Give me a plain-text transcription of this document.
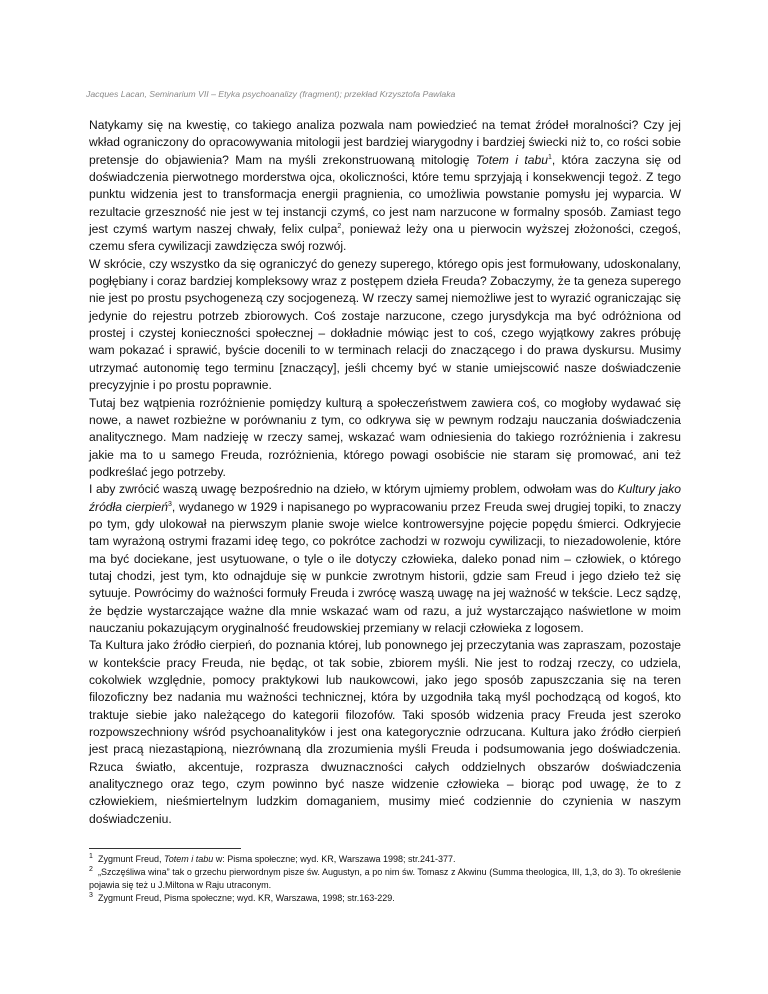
Jacques Lacan, Seminarium VII – Etyka psychoanalizy (fragment); przekład Krzysztofa Pawlaka

Natykamy się na kwestię, co takiego analiza pozwala nam powiedzieć na temat źródeł moralności? Czy jej wkład ograniczony do opracowywania mitologii jest bardziej wiarygodny i bardziej świecki niż to, co rości sobie pretensje do objawienia? Mam na myśli zrekonstruowaną mitologię Totem i tabu$^1$, która zaczyna się od doświadczenia pierwotnego morderstwa ojca, okoliczności, które temu sprzyjają i konsekwencji tegoż. Z tego punktu widzenia jest to transformacja energii pragnienia, co umożliwia powstanie pomysłu jej wyparcia. W rezultacie grzeszność nie jest w tej instancji czymś, co jest nam narzucone w formalny sposób. Zamiast tego jest czymś wartym naszej chwały, felix culpa$^2$, ponieważ leży ona u pierwocin wyższej złożoności, czegoś, czemu sfera cywilizacji zawdzięcza swój rozwój.

W skrócie, czy wszystko da się ograniczyć do genezy superego, którego opis jest formułowany, udoskonalany, pogłębiany i coraz bardziej kompleksowy wraz z postępem dzieła Freuda? Zobaczymy, że ta geneza superego nie jest po prostu psychogenezą czy socjogenezą. W rzeczy samej niemożliwe jest to wyrazić ograniczając się jedynie do rejestru potrzeb zbiorowych. Coś zostaje narzucone, czego jurysdykcja ma być odróżniona od prostej i czystej konieczności społecznej – dokładnie mówiąc jest to coś, czego wyjątkowy zakres próbuję wam pokazać i sprawić, byście docenili to w terminach relacji do znaczącego i do prawa dyskursu. Musimy utrzymać autonomię tego terminu [znaczący], jeśli chcemy być w stanie umiejscowić nasze doświadczenie precyzyjnie i po prostu poprawnie.

Tutaj bez wątpienia rozróżnienie pomiędzy kulturą a społeczeństwem zawiera coś, co mogłoby wydawać się nowe, a nawet rozbieżne w porównaniu z tym, co odkrywa się w pewnym rodzaju nauczania doświadczenia analitycznego. Mam nadzieję w rzeczy samej, wskazać wam odniesienia do takiego rozróżnienia i zakresu jakie ma to u samego Freuda, rozróżnienia, którego powagi osobiście nie staram się promować, ani też podkreślać jego potrzeby.

I aby zwrócić waszą uwagę bezpośrednio na dzieło, w którym ujmiemy problem, odwołam was do Kultury jako źródła cierpień$^3$, wydanego w 1929 i napisanego po wypracowaniu przez Freuda swej drugiej topiki, to znaczy po tym, gdy ulokował na pierwszym planie swoje wielce kontrowersyjne pojęcie popędu śmierci. Odkryjecie tam wyrażoną ostrymi frazami ideę tego, co pokrótce zachodzi w rozwoju cywilizacji, to niezadowolenie, które ma być dociekane, jest usytuowane, o tyle o ile dotyczy człowieka, daleko ponad nim – człowiek, o którego tutaj chodzi, jest tym, kto odnajduje się w punkcie zwrotnym historii, gdzie sam Freud i jego dzieło też się sytuuje. Powrócimy do ważności formuły Freuda i zwrócę waszą uwagę na jej ważność w tekście. Lecz sądzę, że będzie wystarczające ważne dla mnie wskazać wam od razu, a już wystarczająco naświetlone w moim nauczaniu pokazującym oryginalność freudowskiej przemiany w relacji człowieka z logosem.

Ta Kultura jako źródło cierpień, do poznania której, lub ponownego jej przeczytania was zapraszam, pozostaje w kontekście pracy Freuda, nie będąc, ot tak sobie, zbiorem myśli. Nie jest to rodzaj rzeczy, co udziela, cokolwiek względnie, pomocy praktykowi lub naukowcowi, jako jego sposób zapuszczania się na teren filozoficzny bez nadania mu ważności technicznej, która by uzgodniła taką myśl pochodzącą od kogoś, kto traktuje siebie jako należącego do kategorii filozofów. Taki sposób widzenia pracy Freuda jest szeroko rozpowszechniony wśród psychoanalityków i jest ona kategorycznie odrzucana. Kultura jako źródło cierpień jest pracą niezastąpioną, niezrównaną dla zrozumienia myśli Freuda i podsumowania jego doświadczenia. Rzuca światło, akcentuje, rozprasza dwuznaczności całych oddzielnych obszarów doświadczenia analitycznego oraz tego, czym powinno być nasze widzenie człowieka – biorąc pod uwagę, że to z człowiekiem, nieśmiertelnym ludzkim domaganiem, musimy mieć codziennie do czynienia w naszym doświadczeniu.

$^1$ Zygmunt Freud, Totem i tabu w: Pisma społeczne; wyd. KR, Warszawa 1998; str.241-377.

$^2$ „Szczęśliwa wina” tak o grzechu pierwordnym pisze św. Augustyn, a po nim św. Tomasz z Akwinu (Summa theologica, III, 1,3, do 3). To określenie pojawia się też u J.Miltona w Raju utraconym.

$^3$ Zygmunt Freud, Pisma społeczne; wyd. KR, Warszawa, 1998; str.163-229.
